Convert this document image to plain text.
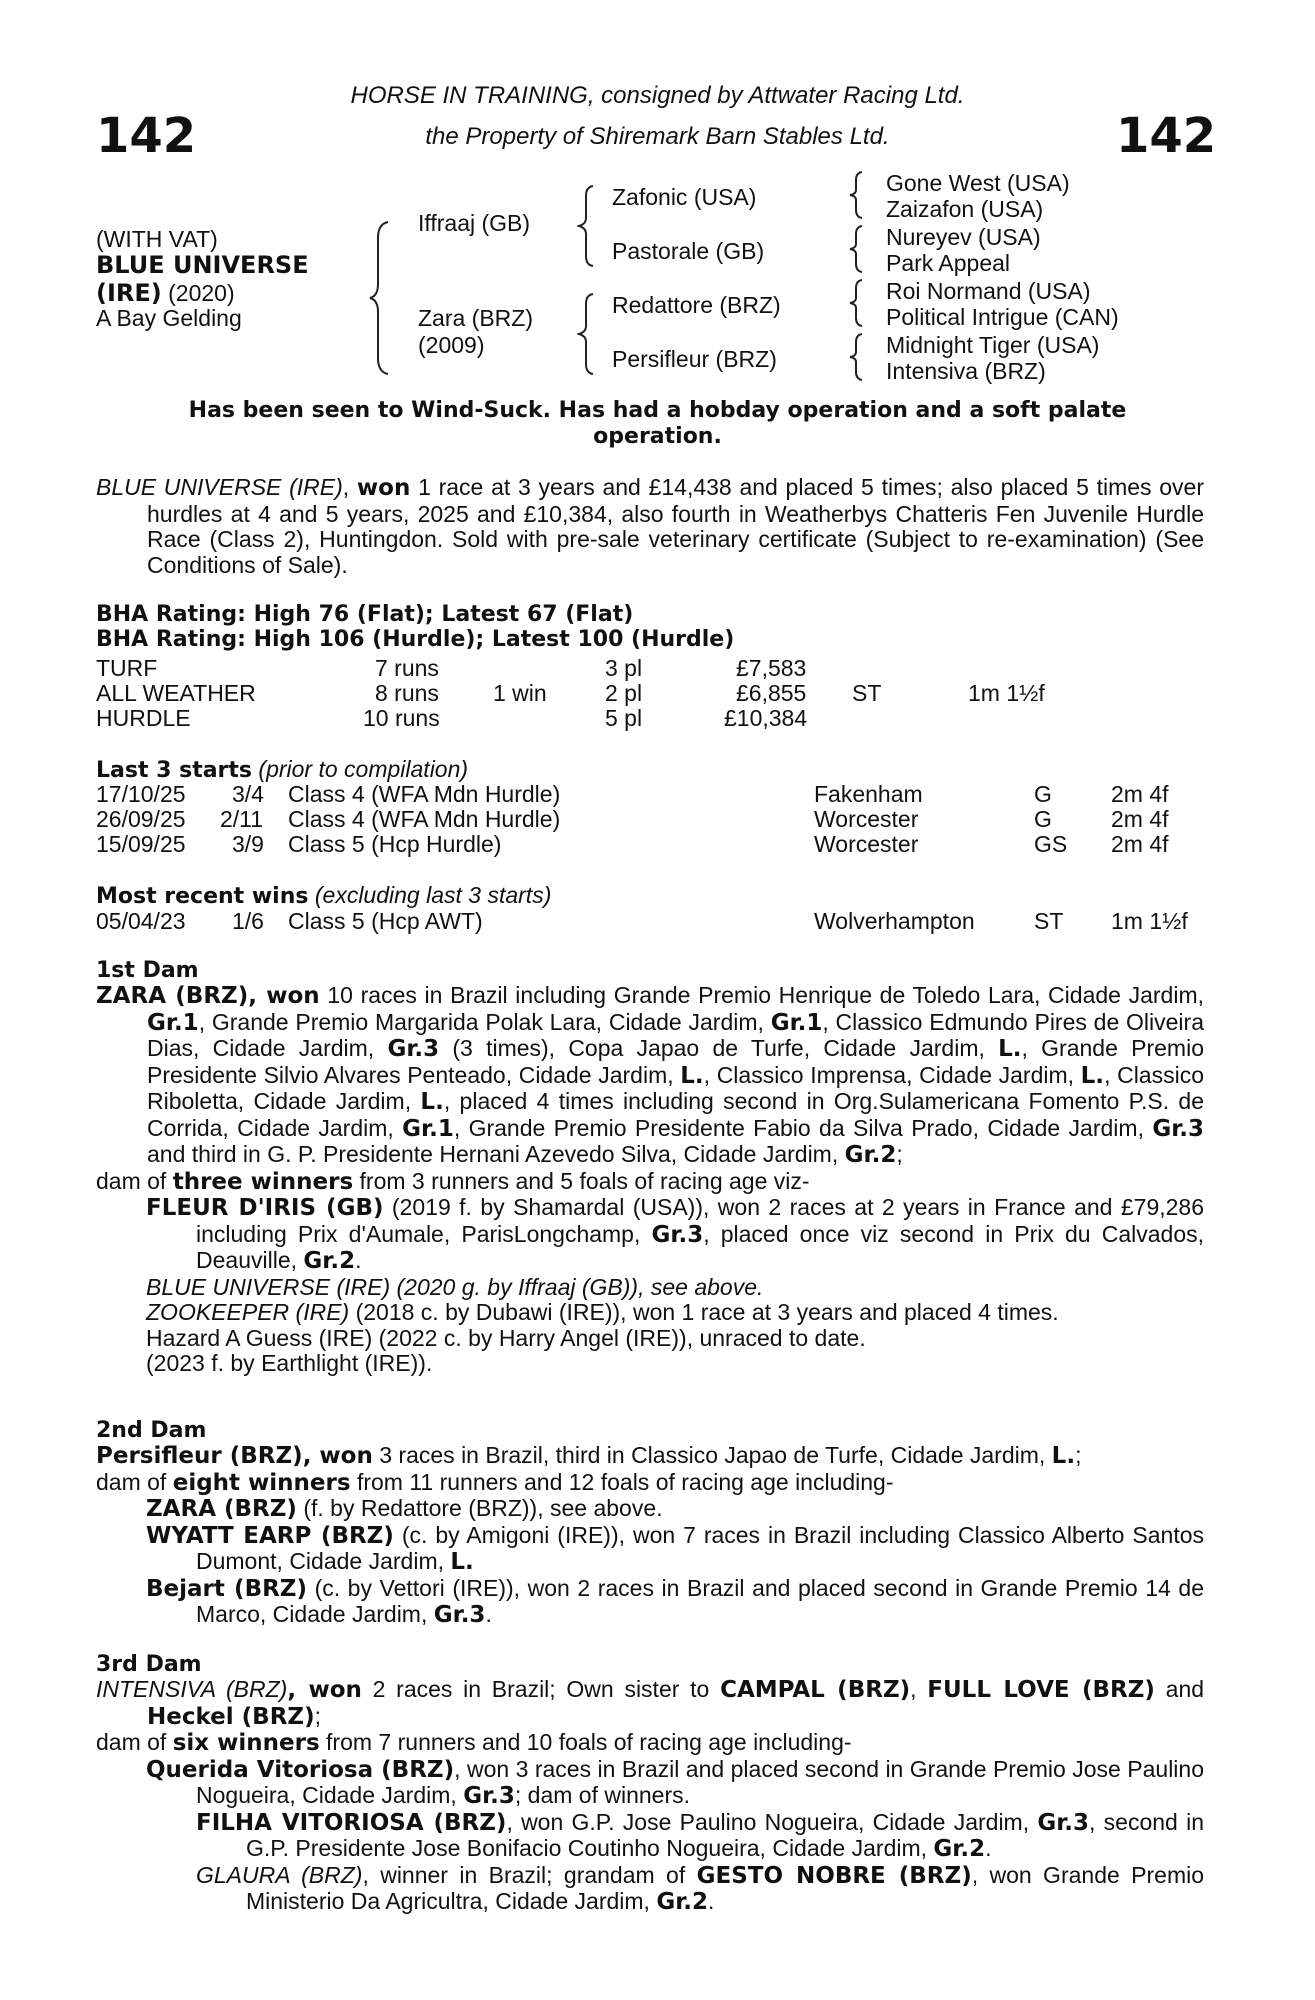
142	142
HORSE IN TRAINING, consigned by Attwater Racing Ltd.
the Property of Shiremark Barn Stables Ltd.
(WITH VAT)
BLUE UNIVERSE
(IRE) (2020)
A Bay Gelding
Iffraaj (GB)
Zara (BRZ)
(2009)
Zafonic (USA)
Pastorale (GB)
Redattore (BRZ)
Persifleur (BRZ)
Gone West (USA)
Zaizafon (USA)
Nureyev (USA)
Park Appeal
Roi Normand (USA)
Political Intrigue (CAN)
Midnight Tiger (USA)
Intensiva (BRZ)
Has been seen to Wind-Suck. Has had a hobday operation and a soft palate
operation.

BLUE UNIVERSE (IRE), won 1 race at 3 years and £14,438 and placed 5 times; also placed 5 times over hurdles at 4 and 5 years, 2025 and £10,384, also fourth in Weatherbys Chatteris Fen Juvenile Hurdle Race (Class 2), Huntingdon. Sold with pre-sale veterinary certificate (Subject to re-examination) (See Conditions of Sale).

BHA Rating: High 76 (Flat); Latest 67 (Flat)
BHA Rating: High 106 (Hurdle); Latest 100 (Hurdle)
TURF	7 runs	3 pl	£7,583
ALL WEATHER	8 runs 1 win	2 pl	£6,855 ST	1m 1½f
HURDLE	10 runs	5 pl	£10,384
Last 3 starts (prior to compilation)
17/10/25 3/4 Class 4 (WFA Mdn Hurdle)	Fakenham	G	2m 4f
26/09/25 2/11 Class 4 (WFA Mdn Hurdle)	Worcester	G	2m 4f
15/09/25 3/9 Class 5 (Hcp Hurdle)	Worcester	GS 2m 4f
Most recent wins (excluding last 3 starts)
05/04/23 1/6 Class 5 (Hcp AWT)	Wolverhampton	ST 1m 1½f
1st Dam

ZARA (BRZ), won 10 races in Brazil including Grande Premio Henrique de Toledo Lara, Cidade Jardim, Gr.1, Grande Premio Margarida Polak Lara, Cidade Jardim, Gr.1, Classico Edmundo Pires de Oliveira Dias, Cidade Jardim, Gr.3 (3 times), Copa Japao de Turfe, Cidade Jardim, L., Grande Premio Presidente Silvio Alvares Penteado, Cidade Jardim, L., Classico Imprensa, Cidade Jardim, L., Classico Riboletta, Cidade Jardim, L., placed 4 times including second in Org.Sulamericana Fomento P.S. de Corrida, Cidade Jardim, Gr.1, Grande Premio Presidente Fabio da Silva Prado, Cidade Jardim, Gr.3 and third in G. P. Presidente Hernani Azevedo Silva, Cidade Jardim, Gr.2;

dam of three winners from 3 runners and 5 foals of racing age viz-

FLEUR D'IRIS (GB) (2019 f. by Shamardal (USA)), won 2 races at 2 years in France and £79,286 including Prix d'Aumale, ParisLongchamp, Gr.3, placed once viz second in Prix du Calvados, Deauville, Gr.2.

BLUE UNIVERSE (IRE) (2020 g. by Iffraaj (GB)), see above.

ZOOKEEPER (IRE) (2018 c. by Dubawi (IRE)), won 1 race at 3 years and placed 4 times.

Hazard A Guess (IRE) (2022 c. by Harry Angel (IRE)), unraced to date.

(2023 f. by Earthlight (IRE)).

2nd Dam

Persifleur (BRZ), won 3 races in Brazil, third in Classico Japao de Turfe, Cidade Jardim, L.;

dam of eight winners from 11 runners and 12 foals of racing age including-

ZARA (BRZ) (f. by Redattore (BRZ)), see above.

WYATT EARP (BRZ) (c. by Amigoni (IRE)), won 7 races in Brazil including Classico Alberto Santos Dumont, Cidade Jardim, L.

Bejart (BRZ) (c. by Vettori (IRE)), won 2 races in Brazil and placed second in Grande Premio 14 de Marco, Cidade Jardim, Gr.3.

3rd Dam

INTENSIVA (BRZ), won 2 races in Brazil; Own sister to CAMPAL (BRZ), FULL LOVE (BRZ) and Heckel (BRZ);

dam of six winners from 7 runners and 10 foals of racing age including-

Querida Vitoriosa (BRZ), won 3 races in Brazil and placed second in Grande Premio Jose Paulino Nogueira, Cidade Jardim, Gr.3; dam of winners.

FILHA VITORIOSA (BRZ), won G.P. Jose Paulino Nogueira, Cidade Jardim, Gr.3, second in G.P. Presidente Jose Bonifacio Coutinho Nogueira, Cidade Jardim, Gr.2.

GLAURA (BRZ), winner in Brazil; grandam of GESTO NOBRE (BRZ), won Grande Premio Ministerio Da Agricultra, Cidade Jardim, Gr.2.
